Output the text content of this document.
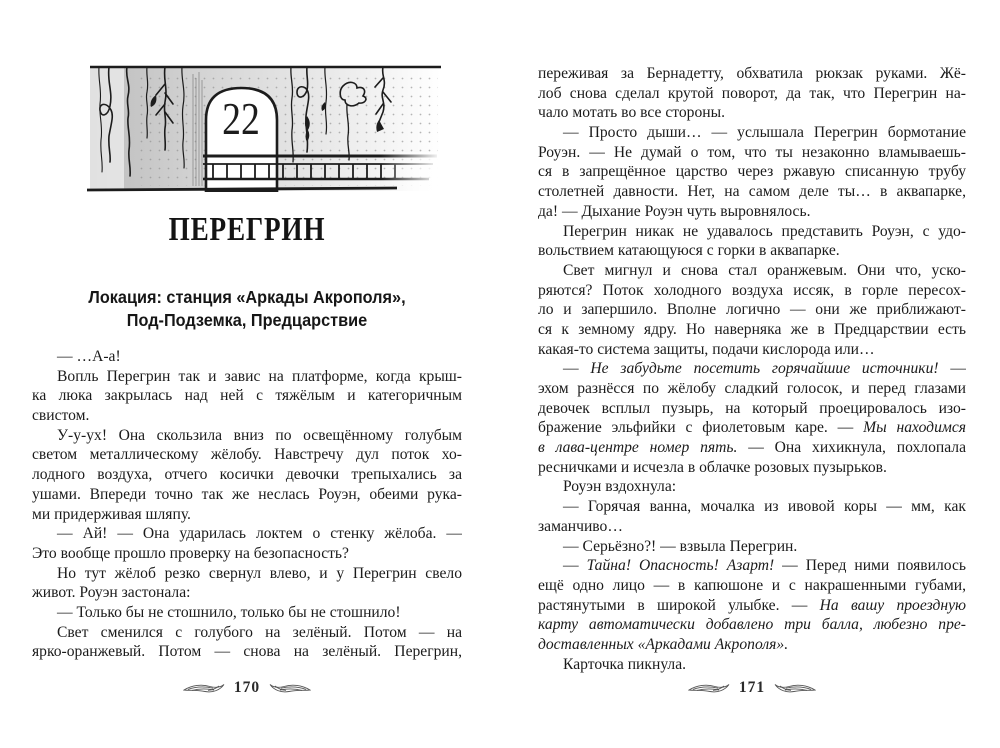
22
ПЕРЕГРИН
Локация: станция «Аркады Акрополя»,
Под-Подземка, Предцарствие
— …А-а!
Вопль Перегрин так и завис на платформе, когда крыш-
ка люка закрылась над ней с тяжёлым и категоричным
свистом.
У-у-ух! Она скользила вниз по освещённому голубым
светом металлическому жёлобу. Навстречу дул поток хо-
лодного воздуха, отчего косички девочки трепыхались за
ушами. Впереди точно так же неслась Роуэн, обеими рука-
ми придерживая шляпу.
— Ай! — Она ударилась локтем о стенку жёлоба. —
Это вообще прошло проверку на безопасность?
Но тут жёлоб резко свернул влево, и у Перегрин свело
живот. Роуэн застонала:
— Только бы не стошнило, только бы не стошнило!
Свет сменился с голубого на зелёный. Потом — на
ярко-оранжевый. Потом — снова на зелёный. Перегрин,
170
переживая за Бернадетту, обхватила рюкзак руками. Жё-
лоб снова сделал крутой поворот, да так, что Перегрин на-
чало мотать во все стороны.
— Просто дыши… — услышала Перегрин бормотание
Роуэн. — Не думай о том, что ты незаконно вламываешь-
ся в запрещённое царство через ржавую списанную трубу
столетней давности. Нет, на самом деле ты… в аквапарке,
да! — Дыхание Роуэн чуть выровнялось.
Перегрин никак не удавалось представить Роуэн, с удо-
вольствием катающуюся с горки в аквапарке.
Свет мигнул и снова стал оранжевым. Они что, уско-
ряются? Поток холодного воздуха иссяк, в горле пересох-
ло и запершило. Вполне логично — они же приближают-
ся к земному ядру. Но наверняка же в Предцарствии есть
какая-то система защиты, подачи кислорода или…
— Не забудьте посетить горячайшие источники! —
эхом разнёсся по жёлобу сладкий голосок, и перед глазами
девочек всплыл пузырь, на который проецировалось изо-
бражение эльфийки с фиолетовым каре. — Мы находимся
в лава-центре номер пять. — Она хихикнула, похлопала
ресничками и исчезла в облачке розовых пузырьков.
Роуэн вздохнула:
— Горячая ванна, мочалка из ивовой коры — мм, как
заманчиво…
— Серьёзно?! — взвыла Перегрин.
— Тайна! Опасность! Азарт! — Перед ними появилось
ещё одно лицо — в капюшоне и с накрашенными губами,
растянутыми в широкой улыбке. — На вашу проездную
карту автоматически добавлено три балла, любезно пре-
доставленных «Аркадами Акрополя».
Карточка пикнула.
171
